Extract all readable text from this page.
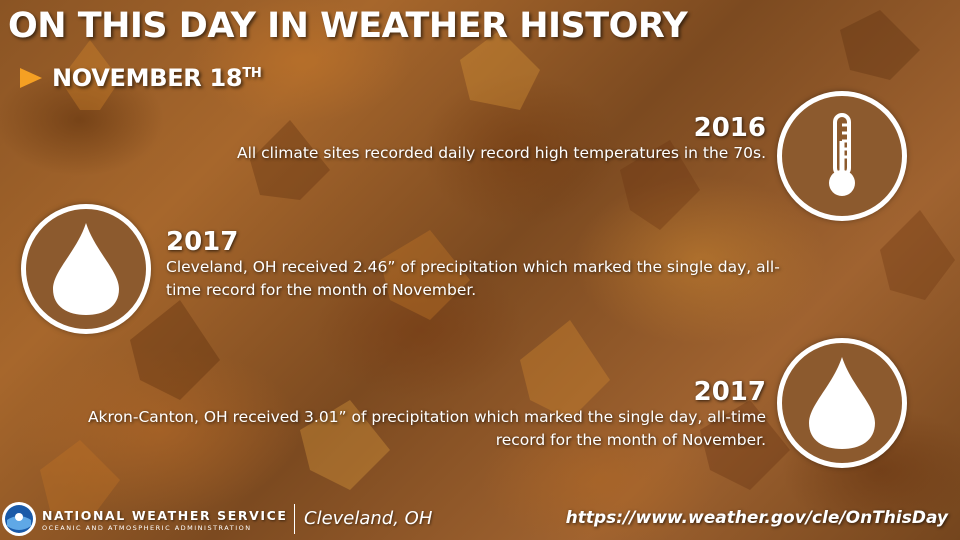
ON THIS DAY IN WEATHER HISTORY
NOVEMBER 18TH
2016
All climate sites recorded daily record high temperatures in the 70s.
2017
Cleveland, OH received 2.46” of precipitation which marked the single day, all-time record for the month of November.
2017
Akron-Canton, OH received 3.01” of precipitation which marked the single day, all-time record for the month of November.
NATIONAL WEATHER SERVICE
OCEANIC AND ATMOSPHERIC ADMINISTRATION	Cleveland, OH	https://www.weather.gov/cle/OnThisDay
